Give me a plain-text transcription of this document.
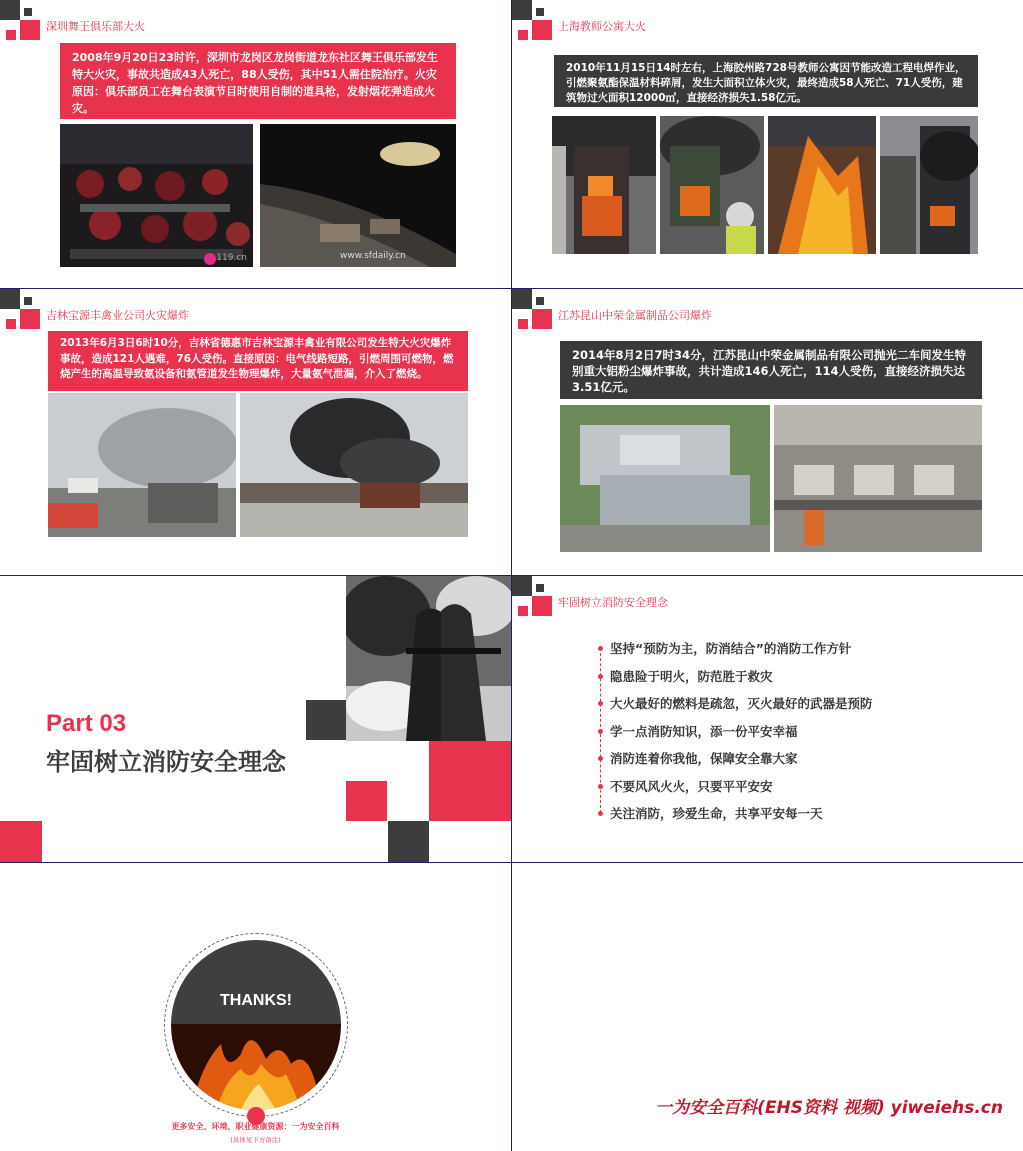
深圳舞王俱乐部大火
2008年9月20日23时许，深圳市龙岗区龙岗街道龙东社区舞王俱乐部发生特大火灾，事故共造成43人死亡，88人受伤，其中51人需住院治疗。火灾原因：俱乐部员工在舞台表演节目时使用自制的道具枪，发射烟花弹造成火灾。
119.cn	www.sfdaily.cn
上海教师公寓大火
2010年11月15日14时左右，上海胶州路728号教师公寓因节能改造工程电焊作业，引燃聚氨酯保温材料碎屑，发生大面积立体火灾，最终造成58人死亡、71人受伤，建筑物过火面积12000㎡，直接经济损失1.58亿元。
吉林宝源丰禽业公司火灾爆炸
2013年6月3日6时10分，吉林省德惠市吉林宝源丰禽业有限公司发生特大火灾爆炸事故，造成121人遇难，76人受伤。直接原因：电气线路短路，引燃周围可燃物，燃烧产生的高温导致氨设备和氨管道发生物理爆炸，大量氨气泄漏，介入了燃烧。
江苏昆山中荣金属制品公司爆炸
2014年8月2日7时34分，江苏昆山中荣金属制品有限公司抛光二车间发生特别重大铝粉尘爆炸事故，共计造成146人死亡，114人受伤，直接经济损失达3.51亿元。
Part 03
牢固树立消防安全理念
牢固树立消防安全理念
坚持“预防为主，防消结合”的消防工作方针
隐患险于明火，防范胜于救灾
大火最好的燃料是疏忽，灭火最好的武器是预防
学一点消防知识，添一份平安幸福
消防连着你我他，保障安全靠大家
不要风风火火，只要平平安安
关注消防，珍爱生命，共享平安每一天
THANKS!
更多安全、环境、职业健康资源：一为安全百科
(具体见下方备注)
一为安全百科(EHS资料 视频) yiweiehs.cn
